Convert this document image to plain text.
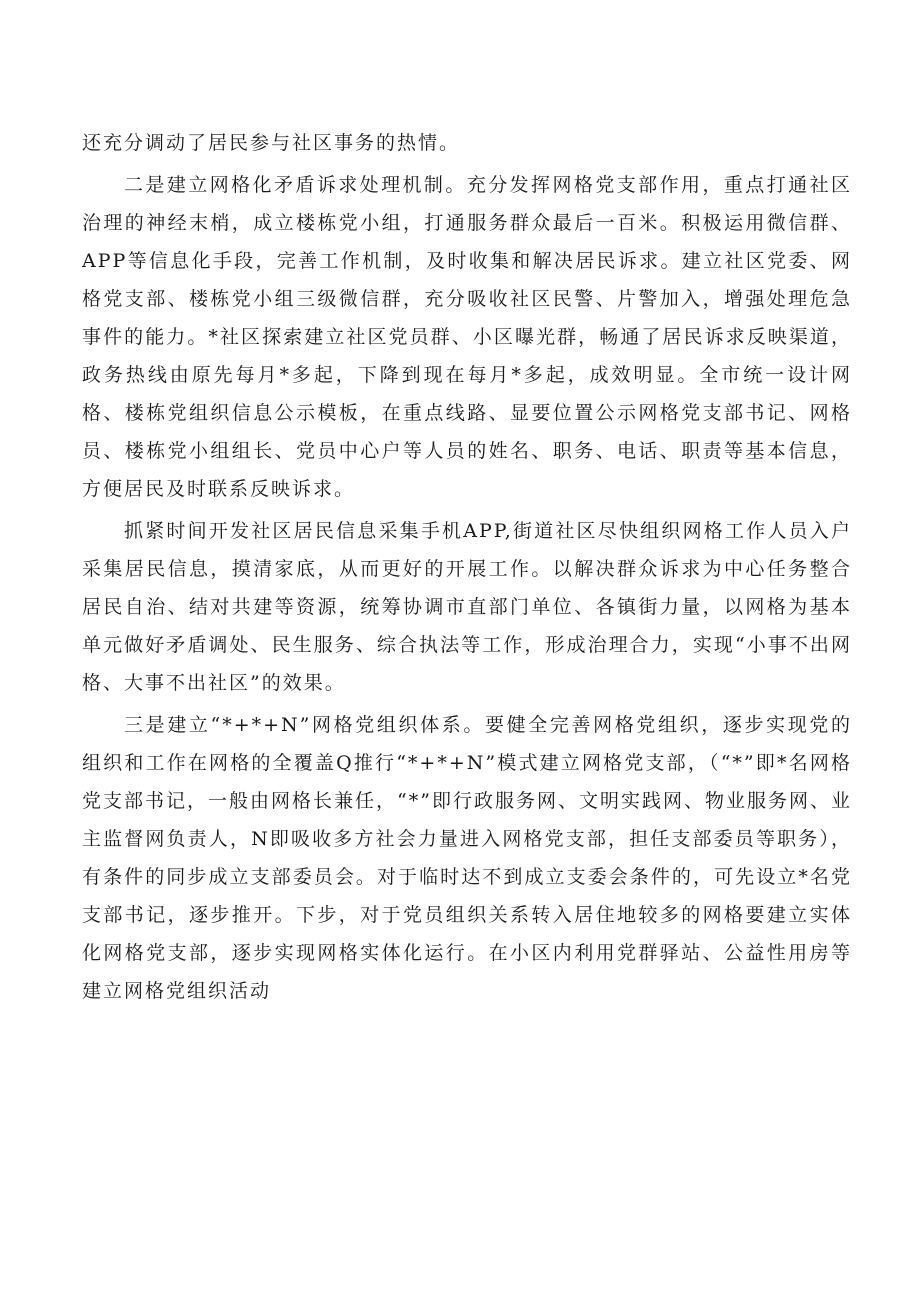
还充分调动了居民参与社区事务的热情。

二是建立网格化矛盾诉求处理机制。充分发挥网格党支部作用，重点打通社区治理的神经末梢，成立楼栋党小组，打通服务群众最后一百米。积极运用微信群、APP等信息化手段，完善工作机制，及时收集和解决居民诉求。建立社区党委、网格党支部、楼栋党小组三级微信群，充分吸收社区民警、片警加入，增强处理危急事件的能力。*社区探索建立社区党员群、小区曝光群，畅通了居民诉求反映渠道，政务热线由原先每月*多起，下降到现在每月*多起，成效明显。全市统一设计网格、楼栋党组织信息公示模板，在重点线路、显要位置公示网格党支部书记、网格员、楼栋党小组组长、党员中心户等人员的姓名、职务、电话、职责等基本信息，方便居民及时联系反映诉求。

抓紧时间开发社区居民信息采集手机APP,街道社区尽快组织网格工作人员入户采集居民信息，摸清家底，从而更好的开展工作。以解决群众诉求为中心任务整合居民自治、结对共建等资源，统筹协调市直部门单位、各镇街力量，以网格为基本单元做好矛盾调处、民生服务、综合执法等工作，形成治理合力，实现“小事不出网格、大事不出社区”的效果。

三是建立“*+*+N”网格党组织体系。要健全完善网格党组织，逐步实现党的组织和工作在网格的全覆盖Q推行“*+*+N”模式建立网格党支部，（“*”即*名网格党支部书记，一般由网格长兼任，“*”即行政服务网、文明实践网、物业服务网、业主监督网负责人，N即吸收多方社会力量进入网格党支部，担任支部委员等职务），有条件的同步成立支部委员会。对于临时达不到成立支委会条件的，可先设立*名党支部书记，逐步推开。下步，对于党员组织关系转入居住地较多的网格要建立实体化网格党支部，逐步实现网格实体化运行。在小区内利用党群驿站、公益性用房等建立网格党组织活动
